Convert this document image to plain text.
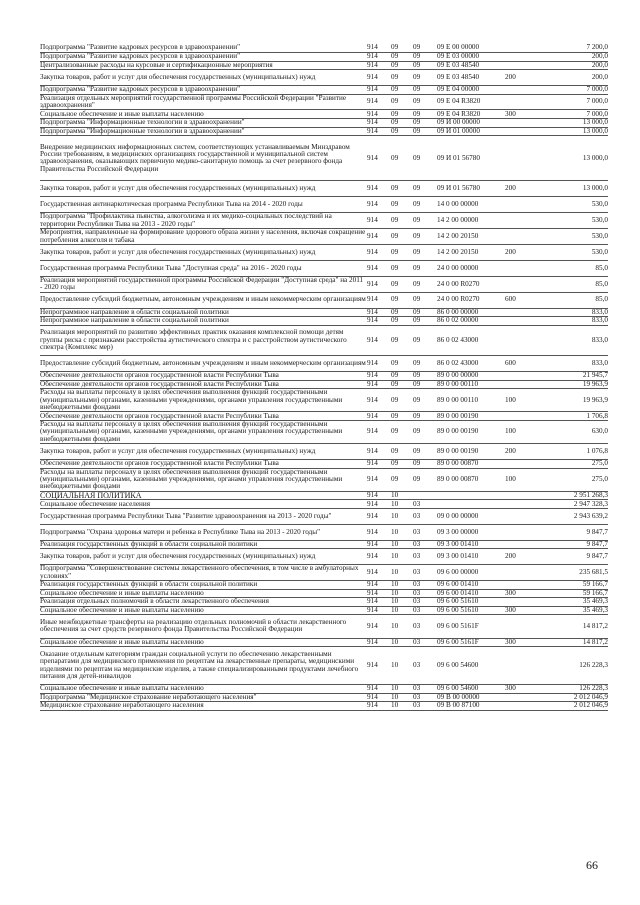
Подпрограмма "Развитие кадровых ресурсов в здравоохранении"	914	09	09	09 Е 00 00000		7 200,0
Подпрограмма "Развитие кадровых ресурсов в здравоохранении"	914	09	09	09 Е 03 00000		200,0
Централизованные расходы на курсовые и сертификационные мероприятия	914	09	09	09 Е 03 48540		200,0
Закупка товаров, работ и услуг для обеспечения государственных (муниципальных) нужд	914	09	09	09 Е 03 48540	200	200,0
Подпрограмма "Развитие кадровых ресурсов в здравоохранении"	914	09	09	09 Е 04 00000		7 000,0
Реализация отдельных мероприятий государственной программы Российской Федерации "Развитие здравоохранения"	914	09	09	09 Е 04 R3820		7 000,0
Социальное обеспечение и иные выплаты населению	914	09	09	09 Е 04 R3820	300	7 000,0
Подпрограмма "Информационные технологии в здравоохранении"	914	09	09	09 И 00 00000		13 000,0
Подпрограмма "Информационные технологии в здравоохранении"	914	09	09	09 И 01 00000		13 000,0
Внедрение медицинских информационных систем, соответствующих устанавливаемым Минздравом России требованиям, в медицинских организациях государственной и муниципальной систем здравоохранения, оказывающих первичную медико-санитарную помощь за счет резервного фонда Правительства Российской Федерации	914	09	09	09 И 01 56780		13 000,0
Закупка товаров, работ и услуг для обеспечения государственных (муниципальных) нужд	914	09	09	09 И 01 56780	200	13 000,0
Государственная антинаркотическая программа Республики Тыва на 2014 - 2020 годы	914	09	09	14 0 00 00000		530,0
Подпрограмма "Профилактика пьянства, алкоголизма и их медико-социальных последствий на территории Республики Тыва на 2013 - 2020 годы"	914	09	09	14 2 00 00000		530,0
Мероприятия, направленные на формирование здорового образа жизни у населения, включая сокращение потребления алкоголя и табака	914	09	09	14 2 00 20150		530,0
Закупка товаров, работ и услуг для обеспечения государственных (муниципальных) нужд	914	09	09	14 2 00 20150	200	530,0
Государственная программа Республики Тыва "Доступная среда" на 2016 - 2020 годы	914	09	09	24 0 00 00000		85,0
Реализация мероприятий государственной программы Российской Федерации "Доступная среда" на 2011 - 2020 годы	914	09	09	24 0 00 R0270		85,0
Предоставление субсидий бюджетным, автономным учреждениям и иным некоммерческим организациям	914	09	09	24 0 00 R0270	600	85,0
Непрограммное направление в области социальной политики	914	09	09	86 0 00 00000		833,0
Непрограммное направление в области социальной политики	914	09	09	86 0 02 00000		833,0
Реализация мероприятий по развитию эффективных практик оказания комплексной помощи детям группы риска с признаками расстройства аутистического спектра и с расстройством аутистического спектра (Комплекс мер)	914	09	09	86 0 02 43000		833,0
Предоставление субсидий бюджетным, автономным учреждениям и иным некоммерческим организациям	914	09	09	86 0 02 43000	600	833,0
Обеспечение деятельности органов государственной власти Республики Тыва	914	09	09	89 0 00 00000		21 945,7
Обеспечение деятельности органов государственной власти Республики Тыва	914	09	09	89 0 00 00110		19 963,9
Расходы на выплаты персоналу в целях обеспечения выполнения функций государственными (муниципальными) органами, казенными учреждениями, органами управления государственными внебюджетными фондами	914	09	09	89 0 00 00110	100	19 963,9
Обеспечение деятельности органов государственной власти Республики Тыва	914	09	09	89 0 00 00190		1 706,8
Расходы на выплаты персоналу в целях обеспечения выполнения функций государственными (муниципальными) органами, казенными учреждениями, органами управления государственными внебюджетными фондами	914	09	09	89 0 00 00190	100	630,0
Закупка товаров, работ и услуг для обеспечения государственных (муниципальных) нужд	914	09	09	89 0 00 00190	200	1 076,8
Обеспечение деятельности органов государственной власти Республики Тыва	914	09	09	89 0 00 00870		275,0
Расходы на выплаты персоналу в целях обеспечения выполнения функций государственными (муниципальными) органами, казенными учреждениями, органами управления государственными внебюджетными фондами	914	09	09	89 0 00 00870	100	275,0
СОЦИАЛЬНАЯ ПОЛИТИКА	914	10				2 951 268,3
Социальное обеспечение населения	914	10	03			2 947 328,3
Государственная программа Республики Тыва "Развитие здравоохранения на 2013 - 2020 годы"	914	10	03	09 0 00 00000		2 943 639,2
Подпрограмма "Охрана здоровья матери и ребенка в Республике Тыва на 2013 - 2020 годы"	914	10	03	09 3 00 00000		9 847,7
Реализация государственных функций в области социальной политики	914	10	03	09 3 00 01410		9 847,7
Закупка товаров, работ и услуг для обеспечения государственных (муниципальных) нужд	914	10	03	09 3 00 01410	200	9 847,7
Подпрограмма "Совершенствование системы лекарственного обеспечения, в том числе в амбулаторных условиях"	914	10	03	09 6 00 00000		235 681,5
Реализация государственных функций в области социальной политики	914	10	03	09 6 00 01410		59 166,7
Социальное обеспечение и иные выплаты населению	914	10	03	09 6 00 01410	300	59 166,7
Реализация отдельных полномочий в области лекарственного обеспечения	914	10	03	09 6 00 51610		35 469,3
Социальное обеспечение и иные выплаты населению	914	10	03	09 6 00 51610	300	35 469,3
Иные межбюджетные трансферты на реализацию отдельных полномочий в области лекарственного обеспечения за счет средств резервного фонда Правительства Российской Федерации	914	10	03	09 6 00 5161F		14 817,2
Социальное обеспечение и иные выплаты населению	914	10	03	09 6 00 5161F	300	14 817,2
Оказание отдельным категориям граждан социальной услуги по обеспечению лекарственными препаратами для медицинского применения по рецептам на лекарственные препараты, медицинскими изделиями по рецептам на медицинские изделия, а также специализированными продуктами лечебного питания для детей-инвалидов	914	10	03	09 6 00 54600		126 228,3
Социальное обеспечение и иные выплаты населению	914	10	03	09 6 00 54600	300	126 228,3
Подпрограмма "Медицинское страхование неработающего населения"	914	10	03	09 В 00 00000		2 012 046,9
Медицинское страхование неработающего населения	914	10	03	09 В 00 87100		2 012 046,9
66
